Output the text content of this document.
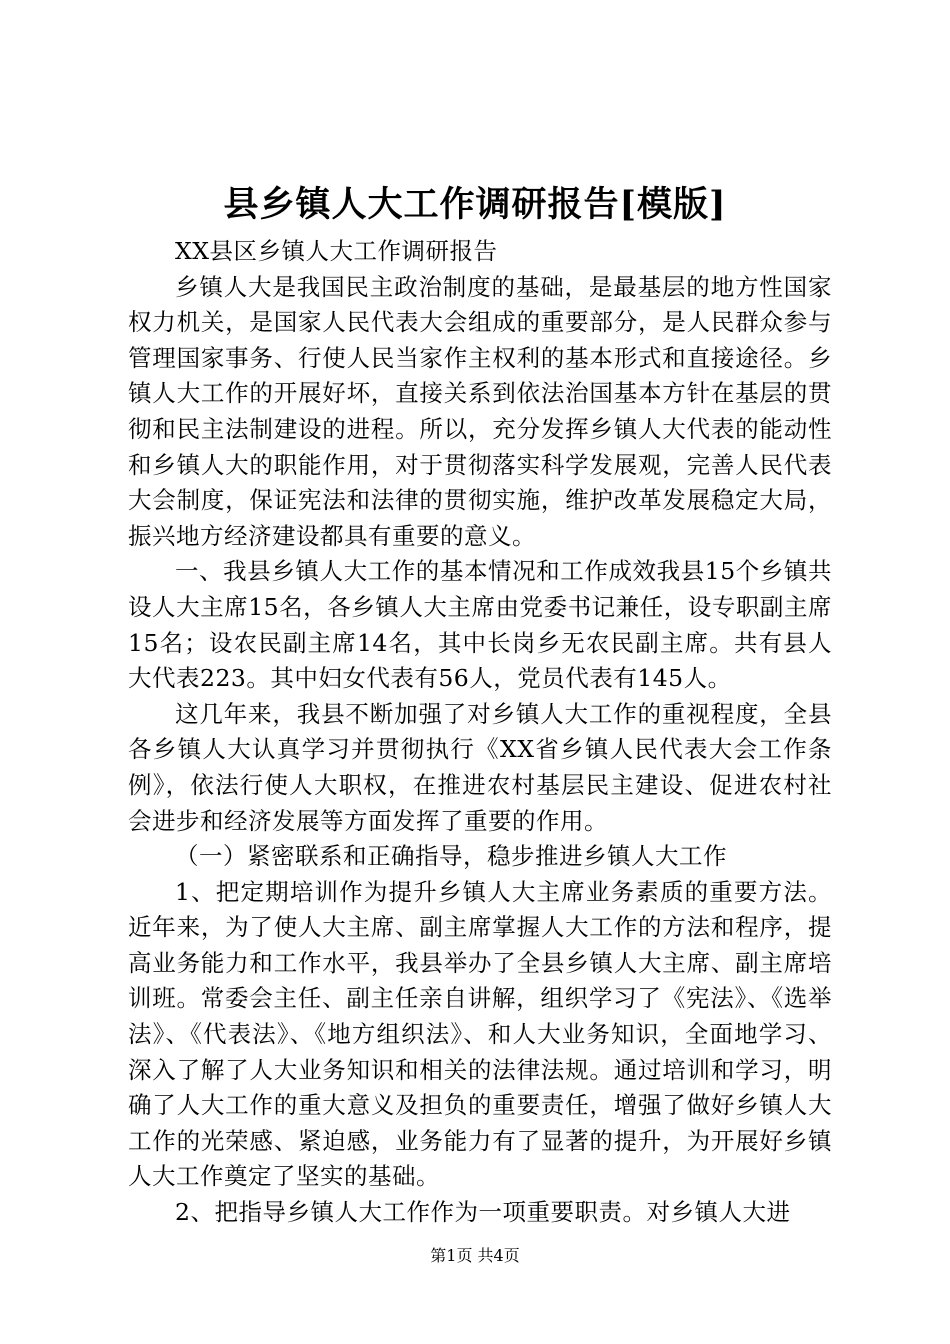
县乡镇人大工作调研报告[模版]

XX县区乡镇人大工作调研报告

乡镇人大是我国民主政治制度的基础，是最基层的地方性国家权力机关，是国家人民代表大会组成的重要部分，是人民群众参与管理国家事务、行使人民当家作主权利的基本形式和直接途径。乡镇人大工作的开展好坏，直接关系到依法治国基本方针在基层的贯彻和民主法制建设的进程。所以，充分发挥乡镇人大代表的能动性和乡镇人大的职能作用，对于贯彻落实科学发展观，完善人民代表大会制度，保证宪法和法律的贯彻实施，维护改革发展稳定大局，振兴地方经济建设都具有重要的意义。

一、我县乡镇人大工作的基本情况和工作成效我县15个乡镇共设人大主席15名，各乡镇人大主席由党委书记兼任，设专职副主席15名；设农民副主席14名，其中长岗乡无农民副主席。共有县人大代表223。其中妇女代表有56人，党员代表有145人。

这几年来，我县不断加强了对乡镇人大工作的重视程度，全县各乡镇人大认真学习并贯彻执行《XX省乡镇人民代表大会工作条例》，依法行使人大职权，在推进农村基层民主建设、促进农村社会进步和经济发展等方面发挥了重要的作用。

（一）紧密联系和正确指导，稳步推进乡镇人大工作

1、把定期培训作为提升乡镇人大主席业务素质的重要方法。近年来，为了使人大主席、副主席掌握人大工作的方法和程序，提高业务能力和工作水平，我县举办了全县乡镇人大主席、副主席培训班。常委会主任、副主任亲自讲解，组织学习了《宪法》、《选举法》、《代表法》、《地方组织法》、和人大业务知识，全面地学习、深入了解了人大业务知识和相关的法律法规。通过培训和学习，明确了人大工作的重大意义及担负的重要责任，增强了做好乡镇人大工作的光荣感、紧迫感，业务能力有了显著的提升，为开展好乡镇人大工作奠定了坚实的基础。

2、把指导乡镇人大工作作为一项重要职责。对乡镇人大进

第1页 共4页
